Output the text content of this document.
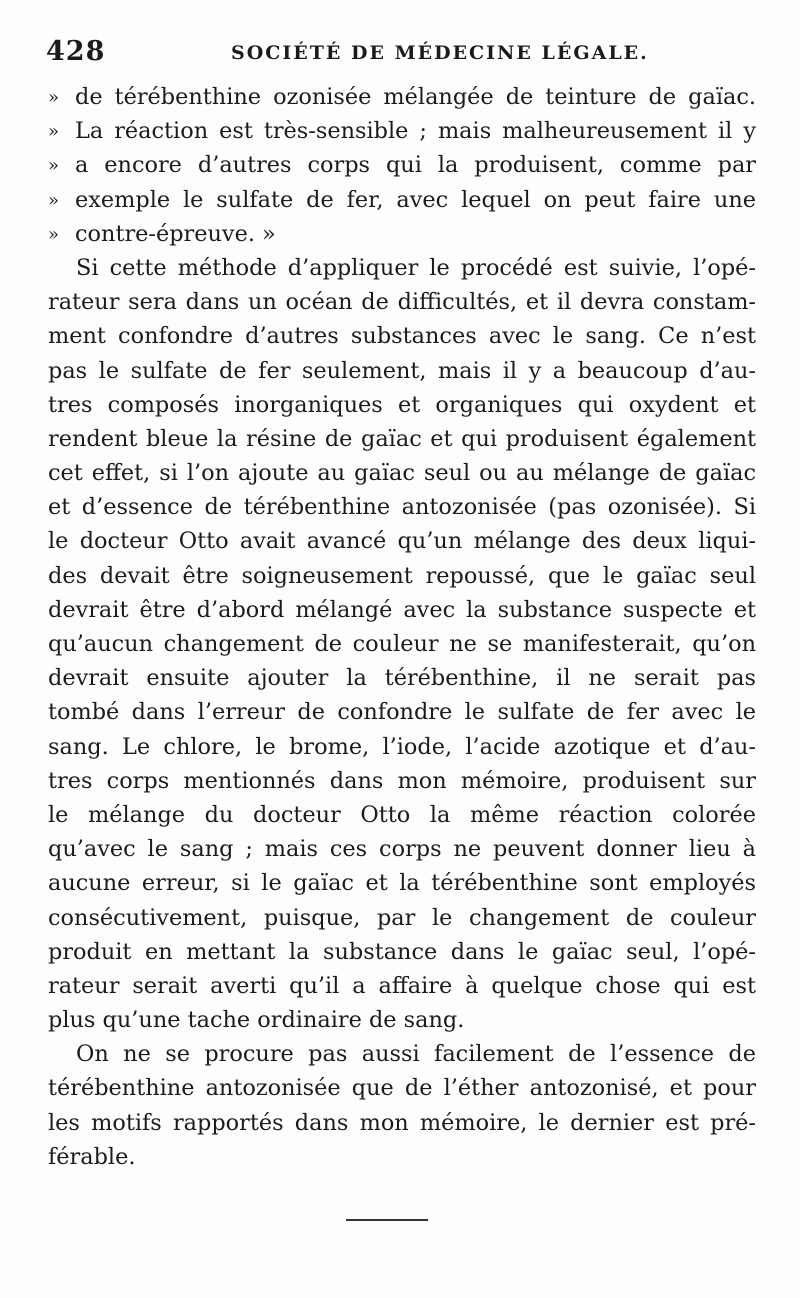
428	SOCIÉTÉ DE MÉDECINE LÉGALE.
» de térébenthine ozonisée mélangée de teinture de gaïac.
» La réaction est très-sensible ; mais malheureusement il y
» a encore d’autres corps qui la produisent, comme par
» exemple le sulfate de fer, avec lequel on peut faire une
» contre-épreuve. »
Si cette méthode d’appliquer le procédé est suivie, l’opé-
rateur sera dans un océan de difficultés, et il devra constam-
ment confondre d’autres substances avec le sang. Ce n’est
pas le sulfate de fer seulement, mais il y a beaucoup d’au-
tres composés inorganiques et organiques qui oxydent et
rendent bleue la résine de gaïac et qui produisent également
cet effet, si l’on ajoute au gaïac seul ou au mélange de gaïac
et d’essence de térébenthine antozonisée (pas ozonisée). Si
le docteur Otto avait avancé qu’un mélange des deux liqui-
des devait être soigneusement repoussé, que le gaïac seul
devrait être d’abord mélangé avec la substance suspecte et
qu’aucun changement de couleur ne se manifesterait, qu’on
devrait ensuite ajouter la térébenthine, il ne serait pas
tombé dans l’erreur de confondre le sulfate de fer avec le
sang. Le chlore, le brome, l’iode, l’acide azotique et d’au-
tres corps mentionnés dans mon mémoire, produisent sur
le mélange du docteur Otto la même réaction colorée
qu’avec le sang ; mais ces corps ne peuvent donner lieu à
aucune erreur, si le gaïac et la térébenthine sont employés
consécutivement, puisque, par le changement de couleur
produit en mettant la substance dans le gaïac seul, l’opé-
rateur serait averti qu’il a affaire à quelque chose qui est
plus qu’une tache ordinaire de sang.
On ne se procure pas aussi facilement de l’essence de
térébenthine antozonisée que de l’éther antozonisé, et pour
les motifs rapportés dans mon mémoire, le dernier est pré-
férable.
